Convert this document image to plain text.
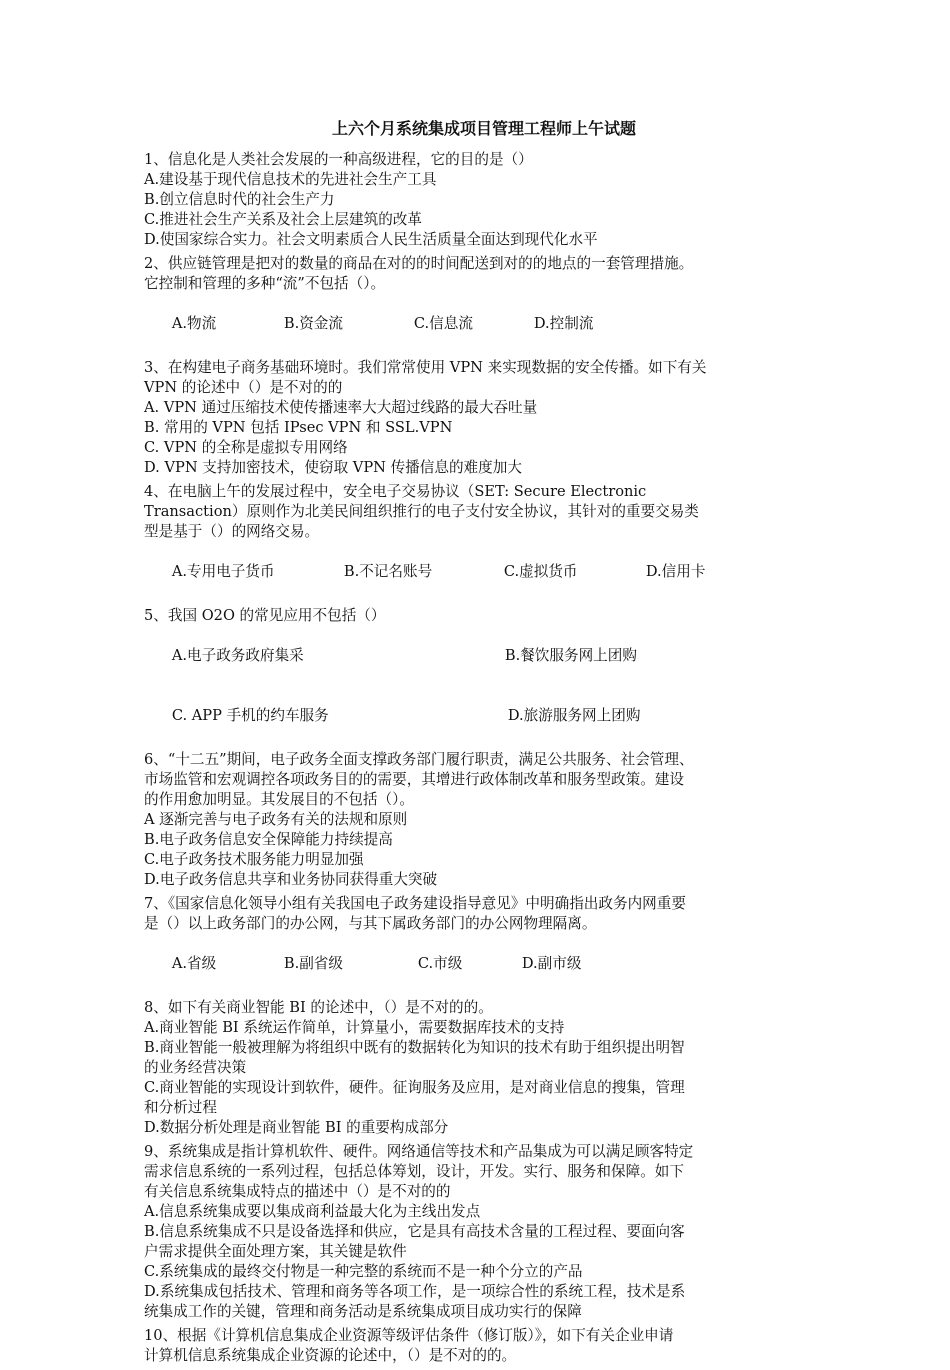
上六个月系统集成项目管理工程师上午试题
1、信息化是人类社会发展的一种高级进程，它的目的是（）
A.建设基于现代信息技术的先进社会生产工具
B.创立信息时代的社会生产力
C.推进社会生产关系及社会上层建筑的改革
D.使国家综合实力。社会文明素质合人民生活质量全面达到现代化水平
2、供应链管理是把对的数量的商品在对的的时间配送到对的的地点的一套管理措施。
它控制和管理的多种“流”不包括（）。

A.物流	B.资金流	C.信息流	D.控制流

3、在构建电子商务基础环境时。我们常常使用 VPN 来实现数据的安全传播。如下有关
VPN 的论述中（）是不对的的
A. VPN 通过压缩技术使传播速率大大超过线路的最大吞吐量
B. 常用的 VPN 包括 IPsec VPN 和 SSL.VPN
C. VPN 的全称是虚拟专用网络
D. VPN 支持加密技术，使窃取 VPN 传播信息的难度加大
4、在电脑上午的发展过程中，安全电子交易协议（SET: Secure Electronic
Transaction）原则作为北美民间组织推行的电子支付安全协议，其针对的重要交易类
型是基于（）的网络交易。

A.专用电子货币	B.不记名账号	C.虚拟货币	D.信用卡

5、我国 O2O 的常见应用不包括（）

A.电子政务政府集采	B.餐饮服务网上团购

C. APP 手机的约车服务	D.旅游服务网上团购

6、“十二五”期间，电子政务全面支撑政务部门履行职责，满足公共服务、社会管理、
市场监管和宏观调控各项政务目的的需要，其增进行政体制改革和服务型政策。建设
的作用愈加明显。其发展目的不包括（）。
A 逐渐完善与电子政务有关的法规和原则
B.电子政务信息安全保障能力持续提高
C.电子政务技术服务能力明显加强
D.电子政务信息共享和业务协同获得重大突破
7、《国家信息化领导小组有关我国电子政务建设指导意见》中明确指出政务内网重要
是（）以上政务部门的办公网，与其下属政务部门的办公网物理隔离。

A.省级	B.副省级	C.市级	D.副市级

8、如下有关商业智能 BI 的论述中，（）是不对的的。
A.商业智能 BI 系统运作简单，计算量小，需要数据库技术的支持
B.商业智能一般被理解为将组织中既有的数据转化为知识的技术有助于组织提出明智
的业务经营决策
C.商业智能的实现设计到软件，硬件。征询服务及应用，是对商业信息的搜集，管理
和分析过程
D.数据分析处理是商业智能 BI 的重要构成部分
9、系统集成是指计算机软件、硬件。网络通信等技术和产品集成为可以满足顾客特定
需求信息系统的一系列过程，包括总体筹划，设计，开发。实行、服务和保障。如下
有关信息系统集成特点的描述中（）是不对的的
A.信息系统集成要以集成商利益最大化为主线出发点
B.信息系统集成不只是设备选择和供应，它是具有高技术含量的工程过程、要面向客
户需求提供全面处理方案，其关键是软件
C.系统集成的最终交付物是一种完整的系统而不是一种个分立的产品
D.系统集成包括技术、管理和商务等各项工作，是一项综合性的系统工程，技术是系
统集成工作的关键，管理和商务活动是系统集成项目成功实行的保障
10、根据《计算机信息集成企业资源等级评估条件（修订版）》，如下有关企业申请
计算机信息系统集成企业资源的论述中，（）是不对的的。
